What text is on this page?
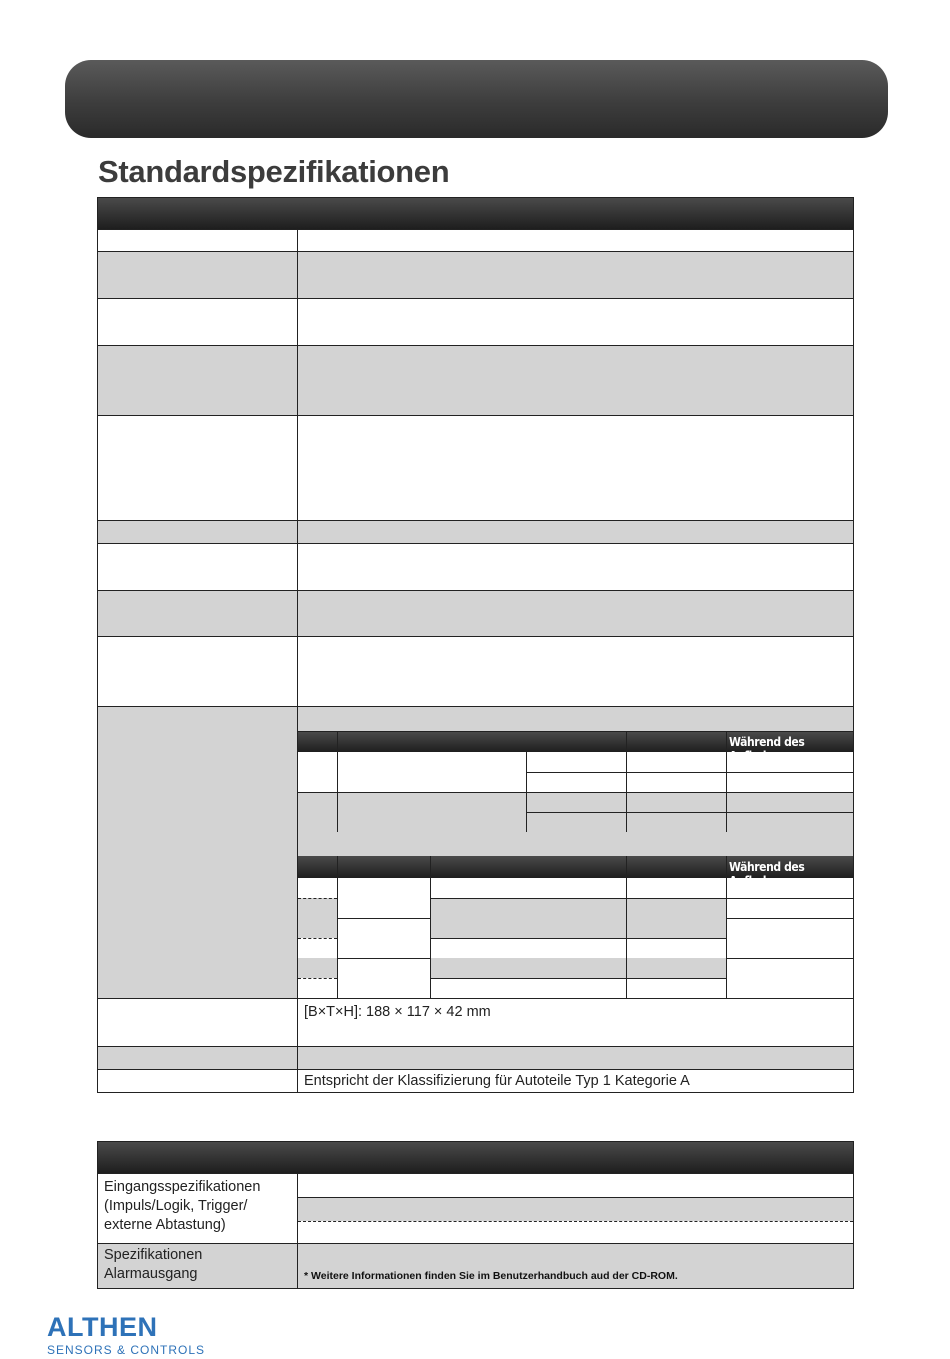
Standardspezifikationen
Während des Aufladens
Während des
[B×T×H]: 188 × 117 × 42 mm
Entspricht der Klassifizierung für Autoteile Typ 1 Kategorie A
Eingangsspezifikationen (Impuls/Logik, Trigger/ externe Abtastung)
Spezifikationen Alarmausgang	* Weitere Informationen finden Sie im Benutzerhandbuch aud der CD-ROM.
ALTHEN
SENSORS & CONTROLS
